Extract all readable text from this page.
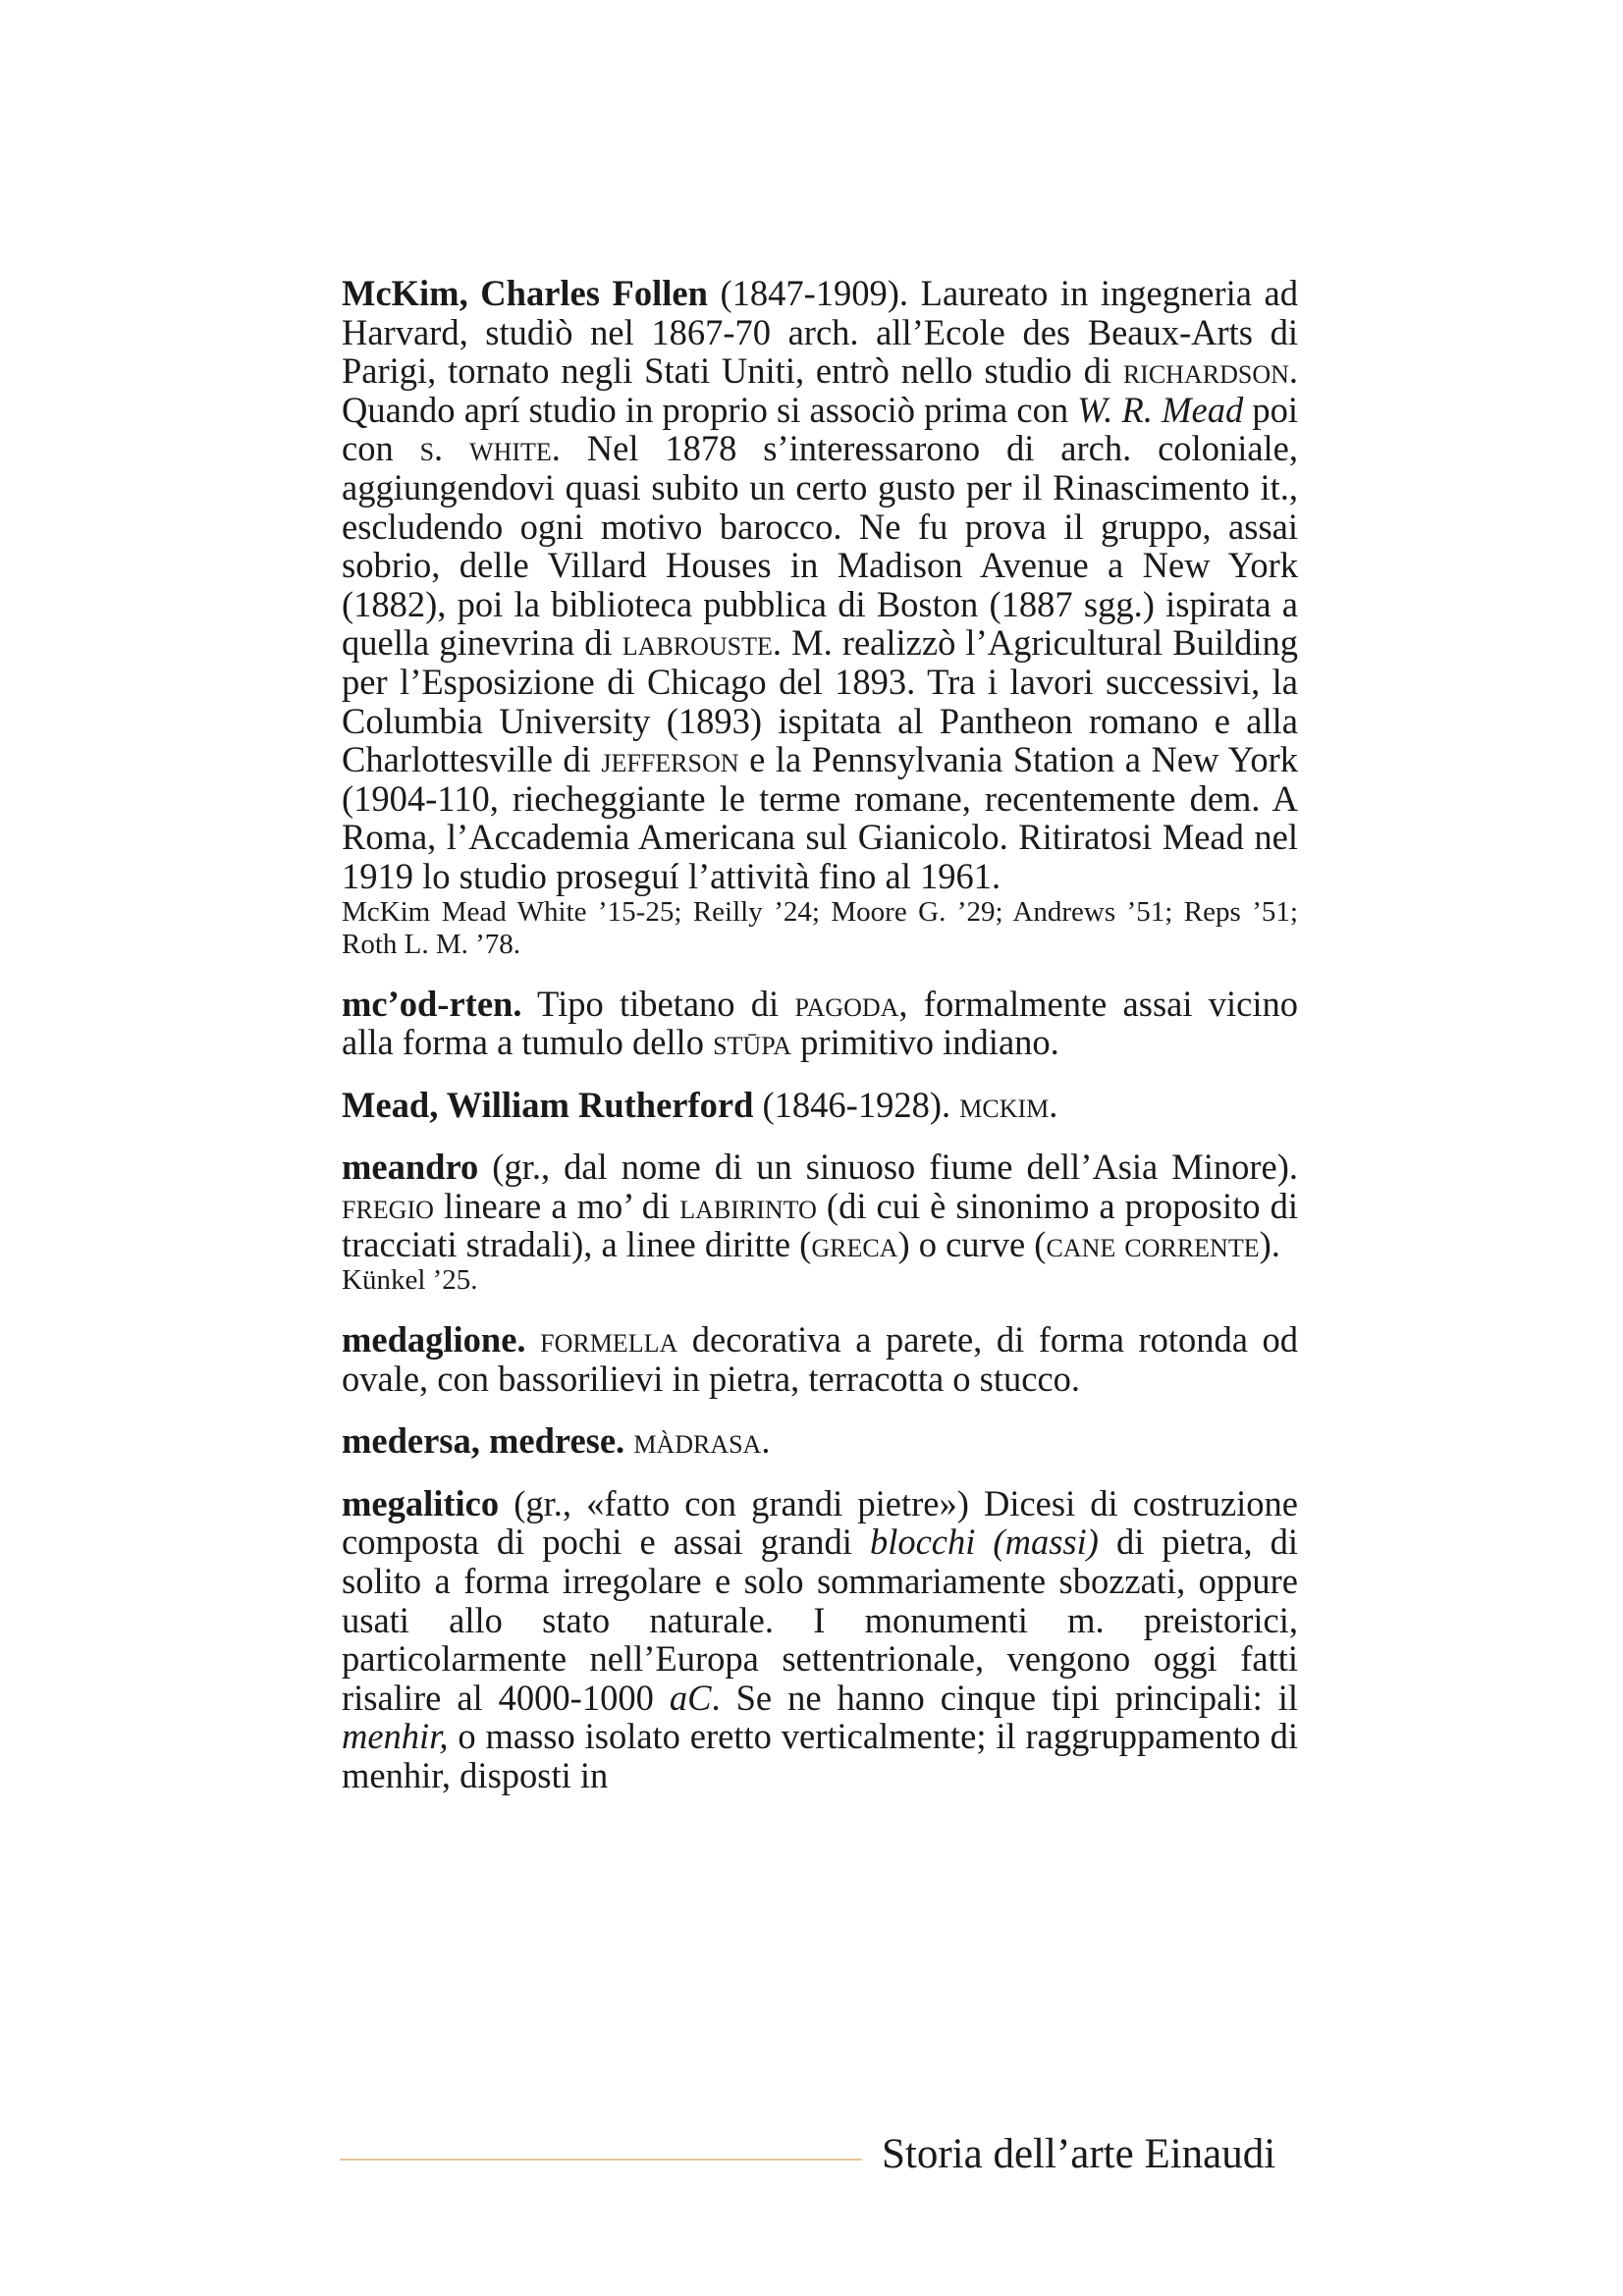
McKim, Charles Follen (1847-1909). Laureato in ingegneria ad Harvard, studiò nel 1867-70 arch. all’Ecole des Beaux-Arts di Parigi, tornato negli Stati Uniti, entrò nello studio di richardson. Quando aprí studio in proprio si associò prima con W. R. Mead poi con s. white. Nel 1878 s’interessarono di arch. coloniale, aggiungendovi quasi subito un certo gusto per il Rinascimento it., escludendo ogni motivo barocco. Ne fu prova il gruppo, assai sobrio, delle Villard Houses in Madison Avenue a New York (1882), poi la biblioteca pubblica di Boston (1887 sgg.) ispirata a quella ginevrina di labrouste. M. realizzò l’Agricultural Building per l’Esposizione di Chicago del 1893. Tra i lavori successivi, la Columbia University (1893) ispitata al Pantheon romano e alla Charlottesville di jefferson e la Pennsylvania Station a New York (1904-110, riecheggiante le terme romane, recentemente dem. A Roma, l’Accademia Americana sul Gianicolo. Ritiratosi Mead nel 1919 lo studio proseguí l’attività fino al 1961.

McKim Mead White ’15-25; Reilly ’24; Moore G. ’29; Andrews ’51; Reps ’51; Roth L. M. ’78.

mc’od-rten. Tipo tibetano di pagoda, formalmente assai vicino alla forma a tumulo dello stūpa primitivo indiano.

Mead, William Rutherford (1846-1928). mckim.

meandro (gr., dal nome di un sinuoso fiume dell’Asia Minore). fregio lineare a mo’ di labirinto (di cui è sinonimo a proposito di tracciati stradali), a linee diritte (greca) o curve (cane corrente).

Künkel ’25.

medaglione. formella decorativa a parete, di forma rotonda od ovale, con bassorilievi in pietra, terracotta o stucco.

medersa, medrese. màdrasa.

megalitico (gr., «fatto con grandi pietre») Dicesi di costruzione composta di pochi e assai grandi blocchi (massi) di pietra, di solito a forma irregolare e solo sommariamente sbozzati, oppure usati allo stato naturale. I monumenti m. preistorici, particolarmente nell’Europa settentrionale, vengono oggi fatti risalire al 4000-1000 aC. Se ne hanno cinque tipi principali: il menhir, o masso isolato eretto verticalmente; il raggruppamento di menhir, disposti in

Storia dell’arte Einaudi
